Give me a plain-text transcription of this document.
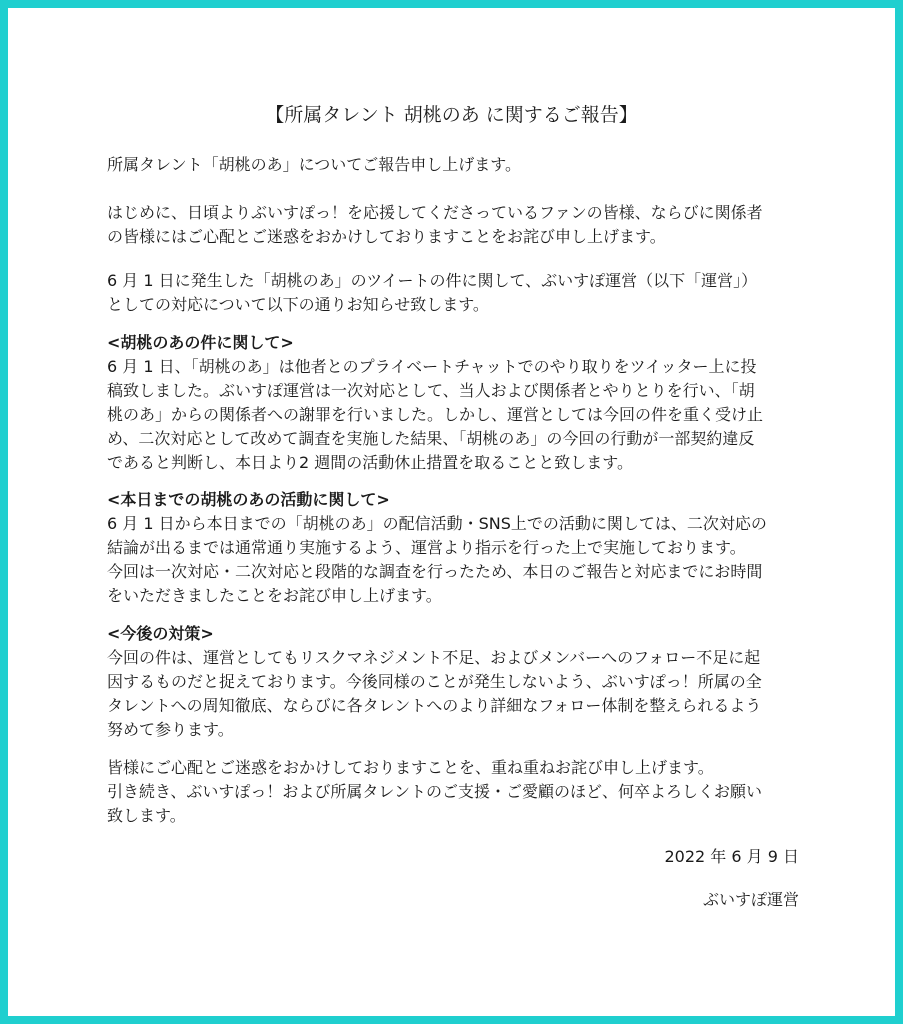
【所属タレント 胡桃のあ に関するご報告】
所属タレント「胡桃のあ」についてご報告申し上げます。
はじめに、日頃よりぶいすぽっ！を応援してくださっているファンの皆様、ならびに関係者
の皆様にはご心配とご迷惑をおかけしておりますことをお詫び申し上げます。
6 月 1 日に発生した「胡桃のあ」のツイートの件に関して、ぶいすぽ運営（以下「運営」）
としての対応について以下の通りお知らせ致します。
<胡桃のあの件に関して>
6 月 1 日、「胡桃のあ」は他者とのプライベートチャットでのやり取りをツイッター上に投
稿致しました。ぶいすぽ運営は一次対応として、当人および関係者とやりとりを行い、「胡
桃のあ」からの関係者への謝罪を行いました。しかし、運営としては今回の件を重く受け止
め、二次対応として改めて調査を実施した結果、「胡桃のあ」の今回の行動が一部契約違反
であると判断し、本日より2 週間の活動休止措置を取ることと致します。
<本日までの胡桃のあの活動に関して>
6 月 1 日から本日までの「胡桃のあ」の配信活動・SNS上での活動に関しては、二次対応の
結論が出るまでは通常通り実施するよう、運営より指示を行った上で実施しております。
今回は一次対応・二次対応と段階的な調査を行ったため、本日のご報告と対応までにお時間
をいただきましたことをお詫び申し上げます。
<今後の対策>
今回の件は、運営としてもリスクマネジメント不足、およびメンバーへのフォロー不足に起
因するものだと捉えております。今後同様のことが発生しないよう、ぶいすぽっ！所属の全
タレントへの周知徹底、ならびに各タレントへのより詳細なフォロー体制を整えられるよう
努めて参ります。
皆様にご心配とご迷惑をおかけしておりますことを、重ね重ねお詫び申し上げます。
引き続き、ぶいすぽっ！および所属タレントのご支援・ご愛顧のほど、何卒よろしくお願い
致します。
2022 年 6 月 9 日
ぶいすぽ運営
